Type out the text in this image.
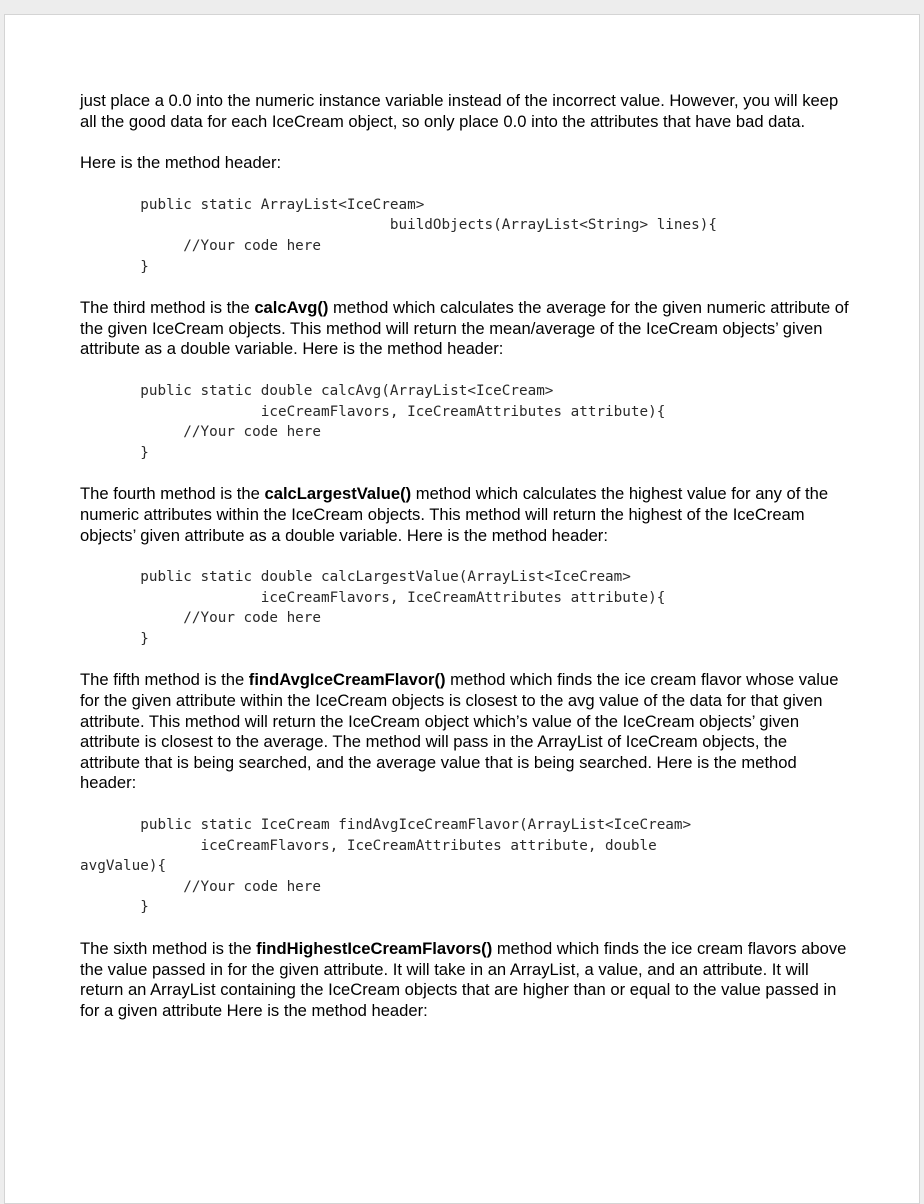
just place a 0.0 into the numeric instance variable instead of the incorrect value. However, you will keep all the good data for each IceCream object, so only place 0.0 into the attributes that have bad data.

Here is the method header:

public static ArrayList<IceCream>
buildObjects(ArrayList<String> lines){
//Your code here
}

The third method is the calcAvg() method which calculates the average for the given numeric attribute of the given IceCream objects. This method will return the mean/average of the IceCream objects’ given attribute as a double variable. Here is the method header:

public static double calcAvg(ArrayList<IceCream>
iceCreamFlavors, IceCreamAttributes attribute){
//Your code here
}

The fourth method is the calcLargestValue() method which calculates the highest value for any of the numeric attributes within the IceCream objects. This method will return the highest of the IceCream objects’ given attribute as a double variable. Here is the method header:

public static double calcLargestValue(ArrayList<IceCream>
iceCreamFlavors, IceCreamAttributes attribute){
//Your code here
}

The fifth method is the findAvgIceCreamFlavor() method which finds the ice cream flavor whose value for the given attribute within the IceCream objects is closest to the avg value of the data for that given attribute. This method will return the IceCream object which’s value of the IceCream objects’ given attribute is closest to the average. The method will pass in the ArrayList of IceCream objects, the attribute that is being searched, and the average value that is being searched. Here is the method header:

public static IceCream findAvgIceCreamFlavor(ArrayList<IceCream>
iceCreamFlavors, IceCreamAttributes attribute, double
avgValue){
//Your code here
}

The sixth method is the findHighestIceCreamFlavors() method which finds the ice cream flavors above the value passed in for the given attribute. It will take in an ArrayList, a value, and an attribute. It will return an ArrayList containing the IceCream objects that are higher than or equal to the value passed in for a given attribute Here is the method header:
